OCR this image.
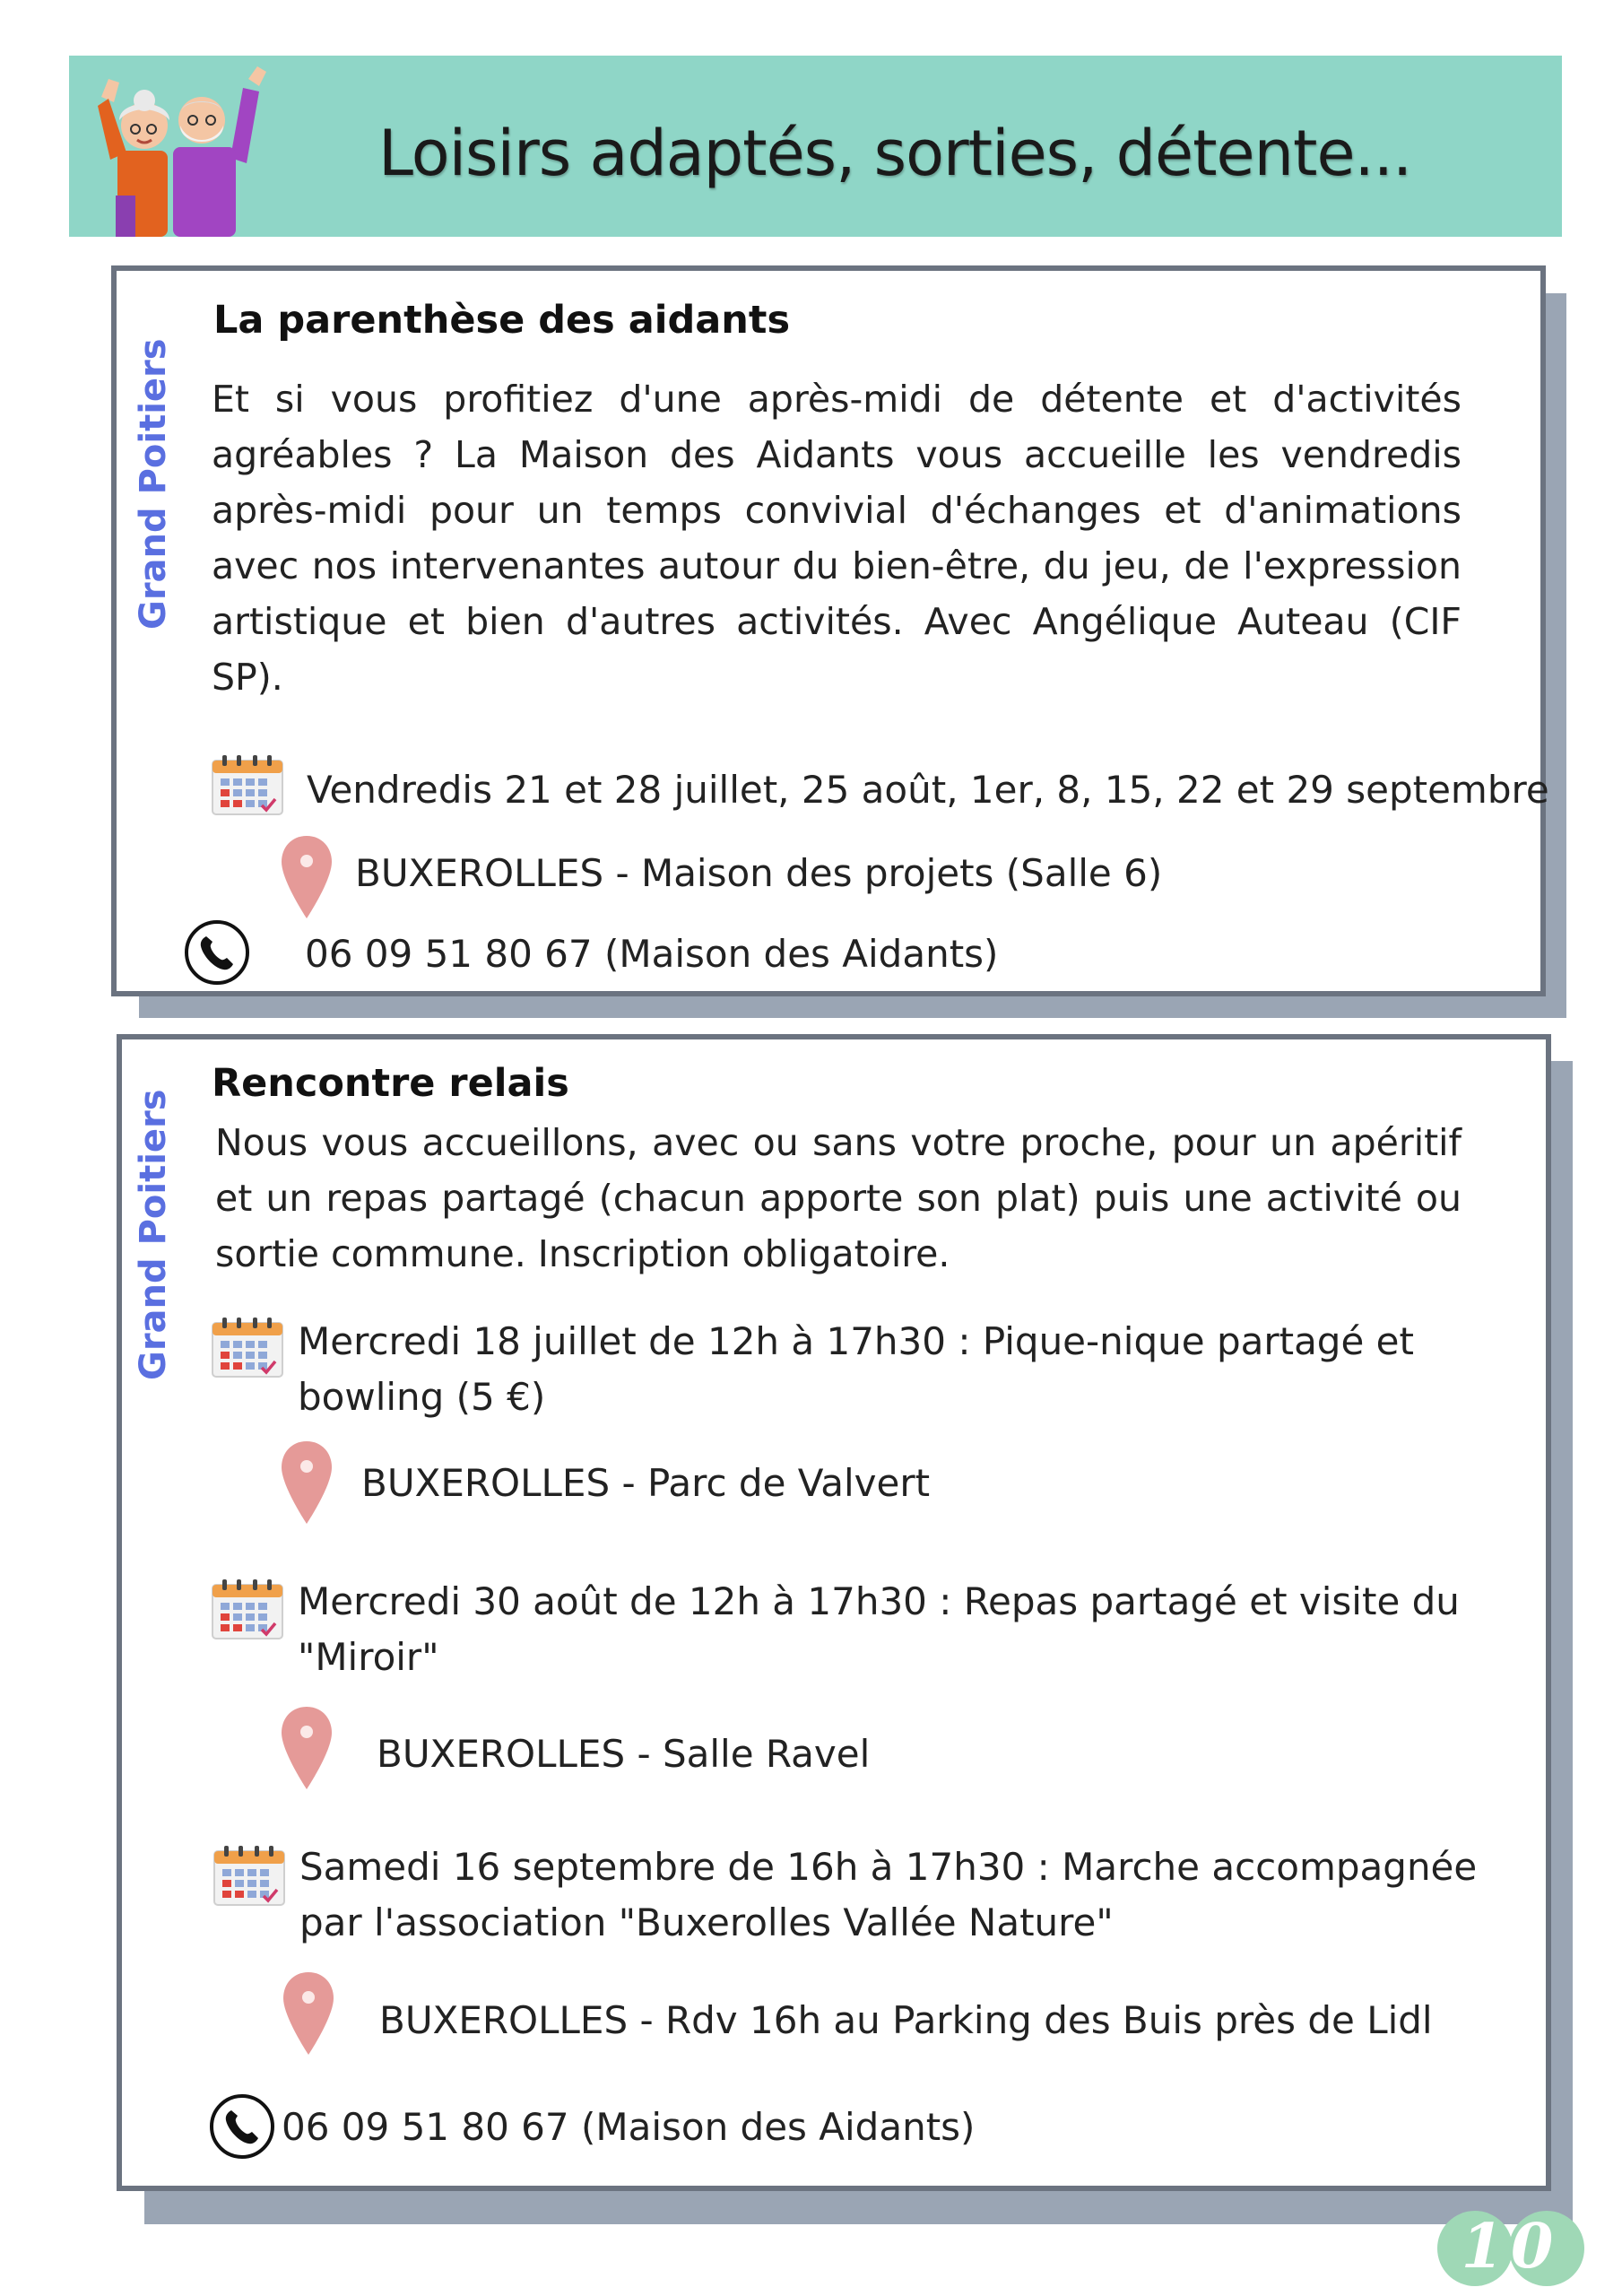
Loisirs adaptés, sorties, détente...
Grand Poitiers
La parenthèse des aidants
Et si vous profitiez d'une après-midi de détente et d'activités agréables ? La Maison des Aidants vous accueille les vendredis après-midi pour un temps convivial d'échanges et d'animations avec nos intervenantes autour du bien-être, du jeu, de l'expression artistique et bien d'autres activités. Avec Angélique Auteau (CIF SP).
Vendredis 21 et 28 juillet, 25 août, 1er, 8, 15, 22 et 29 septembre
BUXEROLLES - Maison des projets (Salle 6)
06 09 51 80 67 (Maison des Aidants)
Grand Poitiers
Rencontre relais
Nous vous accueillons, avec ou sans votre proche, pour un apéritif et un repas partagé (chacun apporte son plat) puis une activité ou sortie commune. Inscription obligatoire.
Mercredi 18 juillet de 12h à 17h30 : Pique-nique partagé et bowling (5 €)
BUXEROLLES - Parc de Valvert
Mercredi 30 août de 12h à 17h30 : Repas partagé et visite du "Miroir"
BUXEROLLES - Salle Ravel
Samedi 16 septembre de 16h à 17h30 : Marche accompagnée par l'association "Buxerolles Vallée Nature"
BUXEROLLES - Rdv 16h au Parking des Buis près de Lidl
06 09 51 80 67 (Maison des Aidants)
10
